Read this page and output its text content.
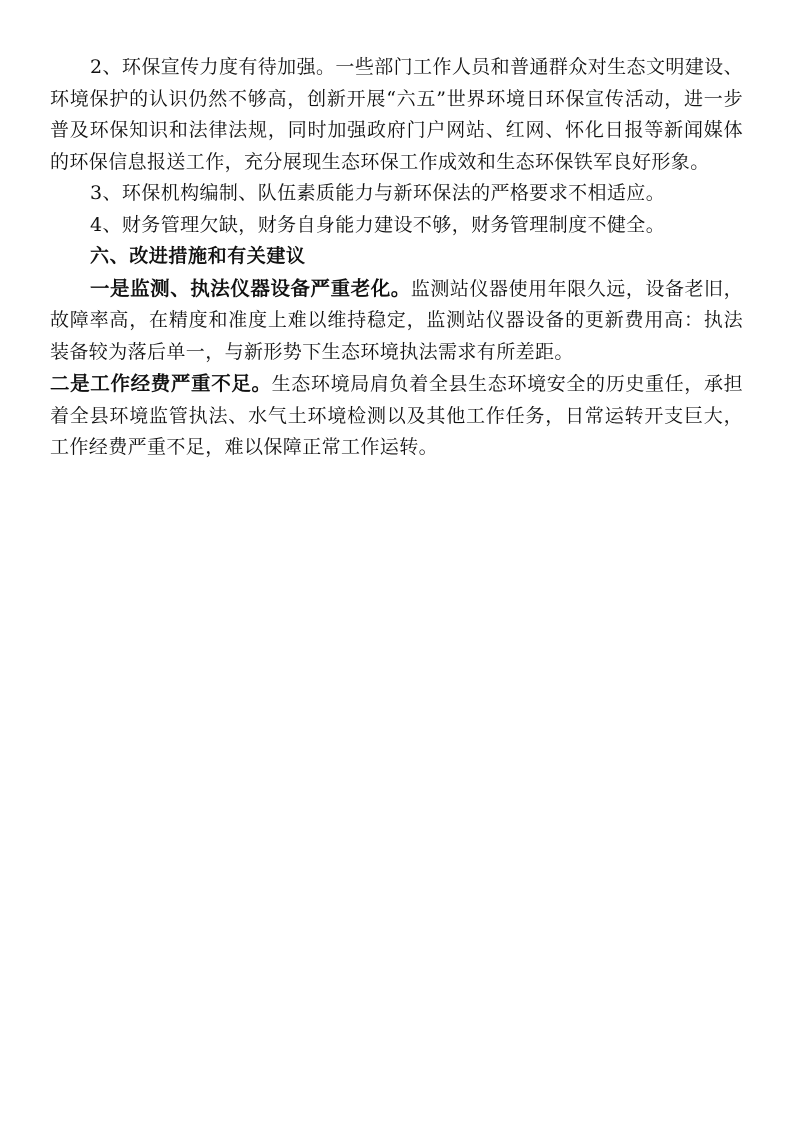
2、环保宣传力度有待加强。一些部门工作人员和普通群众对生态文明建设、环境保护的认识仍然不够高，创新开展“六五”世界环境日环保宣传活动，进一步普及环保知识和法律法规，同时加强政府门户网站、红网、怀化日报等新闻媒体的环保信息报送工作，充分展现生态环保工作成效和生态环保铁军良好形象。

3、环保机构编制、队伍素质能力与新环保法的严格要求不相适应。

4、财务管理欠缺，财务自身能力建设不够，财务管理制度不健全。

六、改进措施和有关建议

一是监测、执法仪器设备严重老化。监测站仪器使用年限久远，设备老旧，故障率高，在精度和准度上难以维持稳定，监测站仪器设备的更新费用高：执法装备较为落后单一，与新形势下生态环境执法需求有所差距。
二是工作经费严重不足。生态环境局肩负着全县生态环境安全的历史重任，承担着全县环境监管执法、水气土环境检测以及其他工作任务，日常运转开支巨大，工作经费严重不足，难以保障正常工作运转。
